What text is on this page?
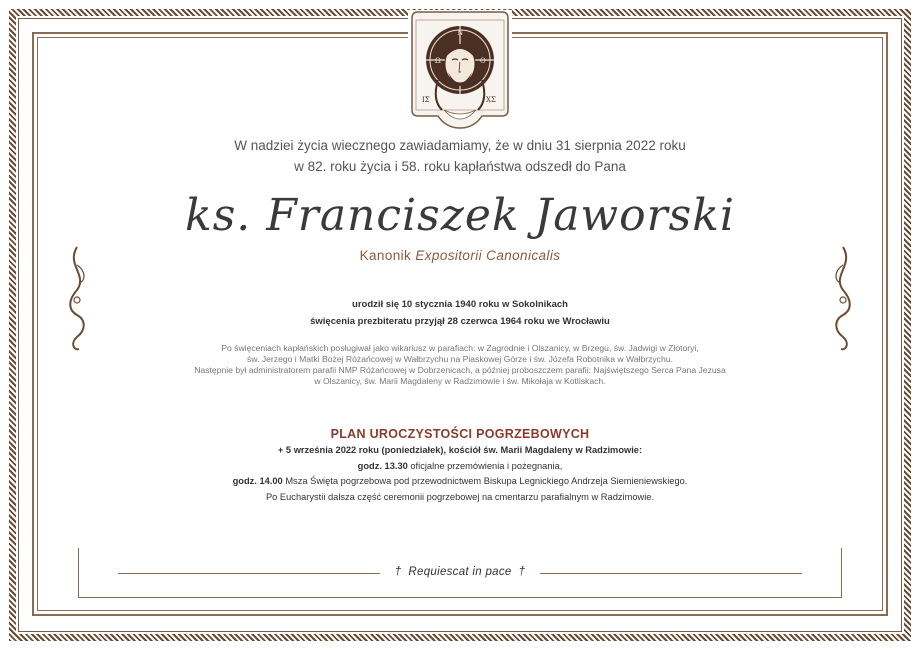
Ω
Ν
Ο
ΙΣ	ΧΣ
W nadziei życia wiecznego zawiadamiamy, że w dniu 31 sierpnia 2022 roku
w 82. roku życia i 58. roku kapłaństwa odszedł do Pana
ks. Franciszek Jaworski
Kanonik Expositorii Canonicalis
urodził się 10 stycznia 1940 roku w Sokolnikach
święcenia prezbiteratu przyjął 28 czerwca 1964 roku we Wrocławiu
Po święceniach kapłańskich posługiwał jako wikariusz w parafiach: w Zagrodnie i Olszanicy, w Brzegu, św. Jadwigi w Złotoryi,
św. Jerzego i Matki Bożej Różańcowej w Wałbrzychu na Piaskowej Górze i św. Józefa Robotnika w Wałbrzychu.
Następnie był administratorem parafii NMP Różańcowej w Dobrzenicach, a później proboszczem parafii: Najświętszego Serca Pana Jezusa
w Olszanicy, św. Marii Magdaleny w Radzimowie i św. Mikołaja w Kotliskach.
PLAN UROCZYSTOŚCI POGRZEBOWYCH
+ 5 września 2022 roku (poniedziałek), kościół św. Marii Magdaleny w Radzimowie:
godz. 13.30 oficjalne przemówienia i pożegnania,
godz. 14.00 Msza Święta pogrzebowa pod przewodnictwem Biskupa Legnickiego Andrzeja Siemieniewskiego.
Po Eucharystii dalsza część ceremonii pogrzebowej na cmentarzu parafialnym w Radzimowie.
† Requiescat in pace †
